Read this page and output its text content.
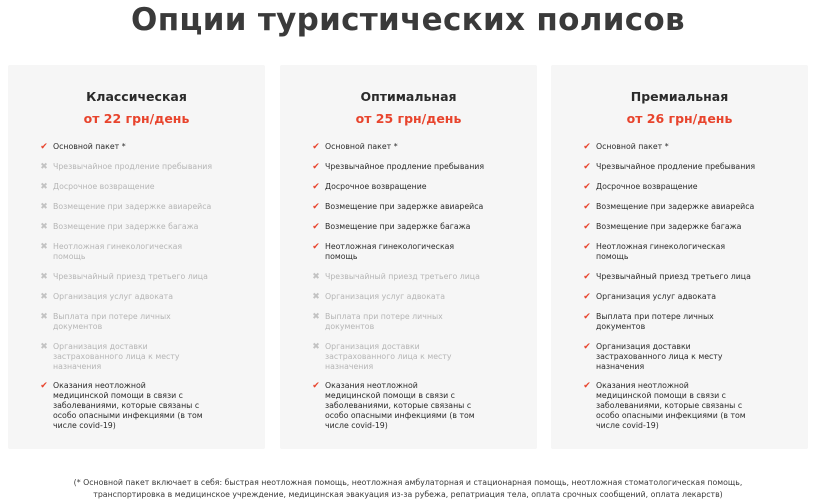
Опции туристических полисов
Классическая
от 22 грн/день
✔ Основной пакет *
✖ Чрезвычайное продление пребывания
✖ Досрочное возвращение
✖ Возмещение при задержке авиарейса
✖ Возмещение при задержке багажа
✖ Неотложная гинекологическая помощь
✖ Чрезвычайный приезд третьего лица
✖ Организация услуг адвоката
✖ Выплата при потере личных документов
✖ Организация доставки застрахованного лица к месту назначения
✔ Оказания неотложной медицинской помощи в связи с заболеваниями, которые связаны с особо опасными инфекциями (в том числе covid-19)
Оптимальная
от 25 грн/день
✔ Основной пакет *
✔ Чрезвычайное продление пребывания
✔ Досрочное возвращение
✔ Возмещение при задержке авиарейса
✔ Возмещение при задержке багажа
✔ Неотложная гинекологическая помощь
✖ Чрезвычайный приезд третьего лица
✖ Организация услуг адвоката
✖ Выплата при потере личных документов
✖ Организация доставки застрахованного лица к месту назначения
✔ Оказания неотложной медицинской помощи в связи с заболеваниями, которые связаны с особо опасными инфекциями (в том числе covid-19)
Премиальная
от 26 грн/день
✔ Основной пакет *
✔ Чрезвычайное продление пребывания
✔ Досрочное возвращение
✔ Возмещение при задержке авиарейса
✔ Возмещение при задержке багажа
✔ Неотложная гинекологическая помощь
✔ Чрезвычайный приезд третьего лица
✔ Организация услуг адвоката
✔ Выплата при потере личных документов
✔ Организация доставки застрахованного лица к месту назначения
✔ Оказания неотложной медицинской помощи в связи с заболеваниями, которые связаны с особо опасными инфекциями (в том числе covid-19)

(* Основной пакет включает в себя: быстрая неотложная помощь, неотложная амбулаторная и стационарная помощь, неотложная стоматологическая помощь, транспортировка в медицинское учреждение, медицинская эвакуация из-за рубежа, репатриация тела, оплата срочных сообщений, оплата лекарств)
